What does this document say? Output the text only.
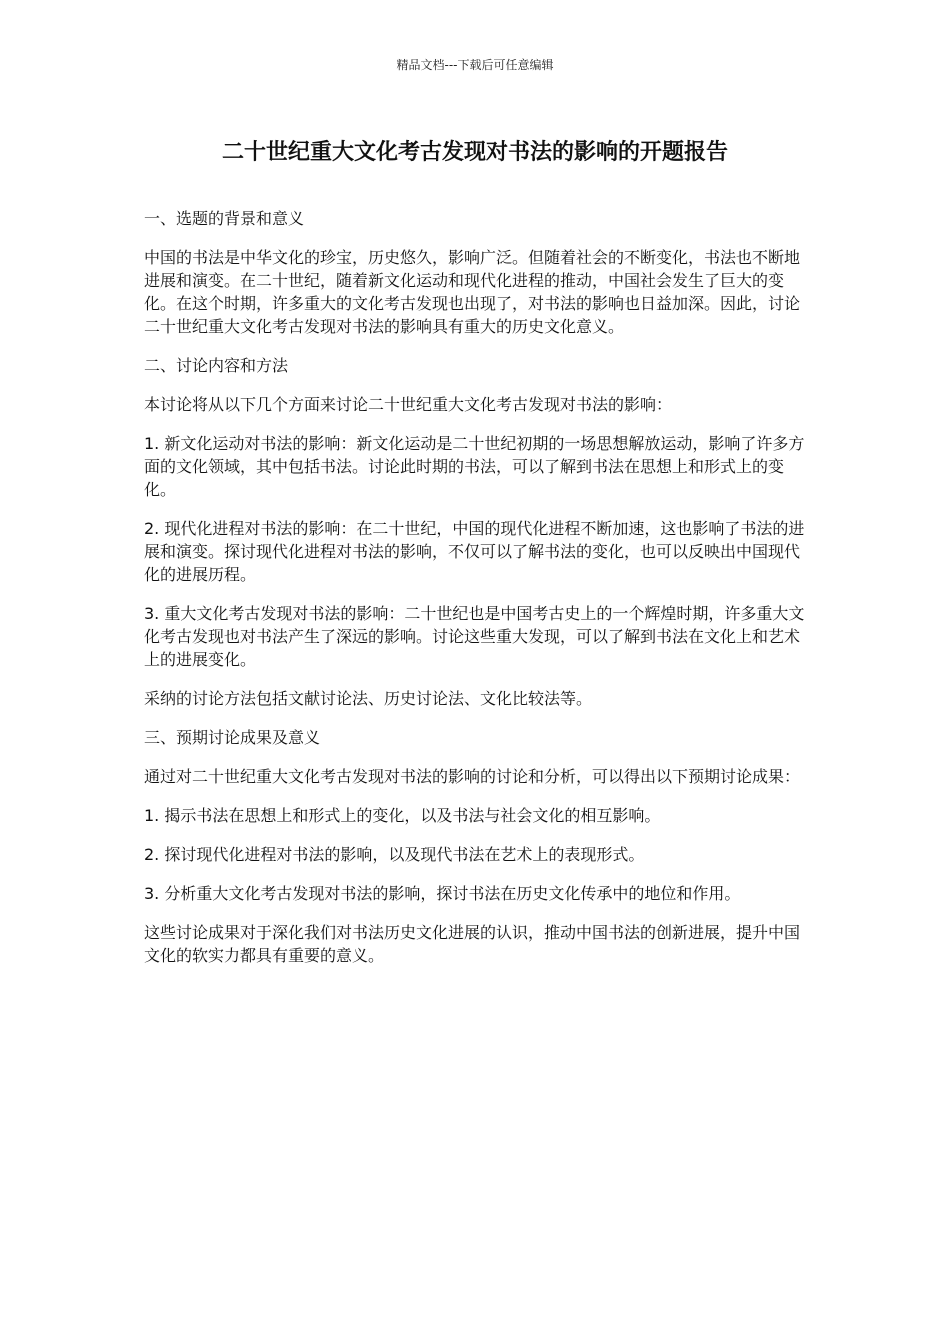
精品文档---下载后可任意编辑
二十世纪重大文化考古发现对书法的影响的开题报告

一、选题的背景和意义

中国的书法是中华文化的珍宝，历史悠久，影响广泛。但随着社会的不断变化，书法也不断地进展和演变。在二十世纪，随着新文化运动和现代化进程的推动，中国社会发生了巨大的变化。在这个时期，许多重大的文化考古发现也出现了，对书法的影响也日益加深。因此，讨论二十世纪重大文化考古发现对书法的影响具有重大的历史文化意义。

二、讨论内容和方法

本讨论将从以下几个方面来讨论二十世纪重大文化考古发现对书法的影响：

1. 新文化运动对书法的影响：新文化运动是二十世纪初期的一场思想解放运动，影响了许多方面的文化领域，其中包括书法。讨论此时期的书法，可以了解到书法在思想上和形式上的变化。

2. 现代化进程对书法的影响：在二十世纪，中国的现代化进程不断加速，这也影响了书法的进展和演变。探讨现代化进程对书法的影响，不仅可以了解书法的变化，也可以反映出中国现代化的进展历程。

3. 重大文化考古发现对书法的影响：二十世纪也是中国考古史上的一个辉煌时期，许多重大文化考古发现也对书法产生了深远的影响。讨论这些重大发现，可以了解到书法在文化上和艺术上的进展变化。

采纳的讨论方法包括文献讨论法、历史讨论法、文化比较法等。

三、预期讨论成果及意义

通过对二十世纪重大文化考古发现对书法的影响的讨论和分析，可以得出以下预期讨论成果：

1. 揭示书法在思想上和形式上的变化，以及书法与社会文化的相互影响。

2. 探讨现代化进程对书法的影响，以及现代书法在艺术上的表现形式。

3. 分析重大文化考古发现对书法的影响，探讨书法在历史文化传承中的地位和作用。

这些讨论成果对于深化我们对书法历史文化进展的认识，推动中国书法的创新进展，提升中国文化的软实力都具有重要的意义。
